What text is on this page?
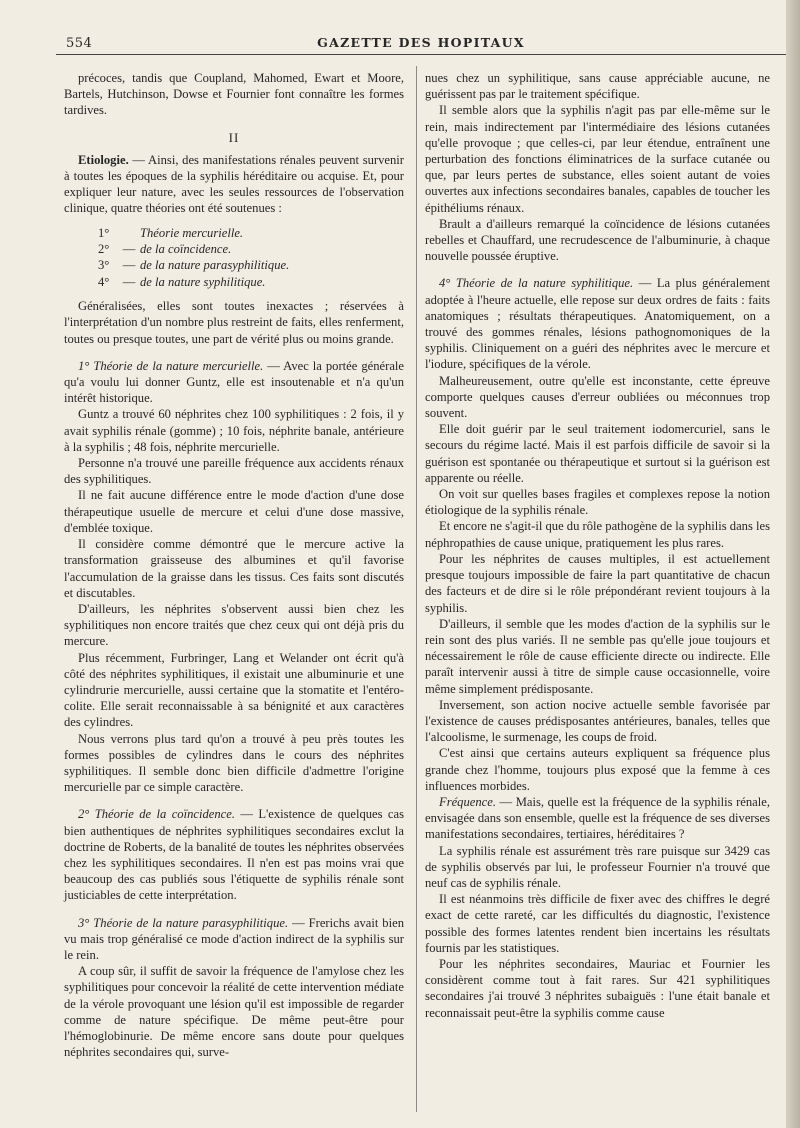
554	GAZETTE DES HOPITAUX

précoces, tandis que Coupland, Mahomed, Ewart et Moore, Bartels, Hutchinson, Dowse et Fournier font connaître les formes tardives.

II

Etiologie. — Ainsi, des manifestations rénales peuvent survenir à toutes les époques de la syphilis héréditaire ou acquise. Et, pour expliquer leur nature, avec les seules ressources de l'observation clinique, quatre théories ont été soutenues :

1° Théorie mercurielle.
2° — de la coïncidence.
3° — de la nature parasyphilitique.
4° — de la nature syphilitique.

Généralisées, elles sont toutes inexactes ; réservées à l'interprétation d'un nombre plus restreint de faits, elles renferment, toutes ou presque toutes, une part de vérité plus ou moins grande.

1° Théorie de la nature mercurielle. — Avec la portée générale qu'a voulu lui donner Guntz, elle est insoutenable et n'a qu'un intérêt historique.

Guntz a trouvé 60 néphrites chez 100 syphilitiques : 2 fois, il y avait syphilis rénale (gomme) ; 10 fois, néphrite banale, antérieure à la syphilis ; 48 fois, néphrite mercurielle.

Personne n'a trouvé une pareille fréquence aux accidents rénaux des syphilitiques.

Il ne fait aucune différence entre le mode d'action d'une dose thérapeutique usuelle de mercure et celui d'une dose massive, d'emblée toxique.

Il considère comme démontré que le mercure active la transformation graisseuse des albumines et qu'il favorise l'accumulation de la graisse dans les tissus. Ces faits sont discutés et discutables.

D'ailleurs, les néphrites s'observent aussi bien chez les syphilitiques non encore traités que chez ceux qui ont déjà pris du mercure.

Plus récemment, Furbringer, Lang et Welander ont écrit qu'à côté des néphrites syphilitiques, il existait une albuminurie et une cylindrurie mercurielle, aussi certaine que la stomatite et l'entéro-colite. Elle serait reconnaissable à sa bénignité et aux caractères des cylindres.

Nous verrons plus tard qu'on a trouvé à peu près toutes les formes possibles de cylindres dans le cours des néphrites syphilitiques. Il semble donc bien difficile d'admettre l'origine mercurielle par ce simple caractère.

2° Théorie de la coïncidence. — L'existence de quelques cas bien authentiques de néphrites syphilitiques secondaires exclut la doctrine de Roberts, de la banalité de toutes les néphrites observées chez les syphilitiques secondaires. Il n'en est pas moins vrai que beaucoup des cas publiés sous l'étiquette de syphilis rénale sont justiciables de cette interprétation.

3° Théorie de la nature parasyphilitique. — Frerichs avait bien vu mais trop généralisé ce mode d'action indirect de la syphilis sur le rein.

A coup sûr, il suffit de savoir la fréquence de l'amylose chez les syphilitiques pour concevoir la réalité de cette intervention médiate de la vérole provoquant une lésion qu'il est impossible de regarder comme de nature spécifique. De même peut-être pour l'hémoglobinurie. De même encore sans doute pour quelques néphrites secondaires qui, surve-

nues chez un syphilitique, sans cause appréciable aucune, ne guérissent pas par le traitement spécifique.

Il semble alors que la syphilis n'agit pas par elle-même sur le rein, mais indirectement par l'intermédiaire des lésions cutanées qu'elle provoque ; que celles-ci, par leur étendue, entraînent une perturbation des fonctions éliminatrices de la surface cutanée ou que, par leurs pertes de substance, elles soient autant de voies ouvertes aux infections secondaires banales, capables de toucher les épithéliums rénaux.

Brault a d'ailleurs remarqué la coïncidence de lésions cutanées rebelles et Chauffard, une recrudescence de l'albuminurie, à chaque nouvelle poussée éruptive.

4° Théorie de la nature syphilitique. — La plus généralement adoptée à l'heure actuelle, elle repose sur deux ordres de faits : faits anatomiques ; résultats thérapeutiques. Anatomiquement, on a trouvé des gommes rénales, lésions pathognomoniques de la syphilis. Cliniquement on a guéri des néphrites avec le mercure et l'iodure, spécifiques de la vérole.

Malheureusement, outre qu'elle est inconstante, cette épreuve comporte quelques causes d'erreur oubliées ou méconnues trop souvent.

Elle doit guérir par le seul traitement iodomercuriel, sans le secours du régime lacté. Mais il est parfois difficile de savoir si la guérison est spontanée ou thérapeutique et surtout si la guérison est apparente ou réelle.

On voit sur quelles bases fragiles et complexes repose la notion étiologique de la syphilis rénale.

Et encore ne s'agit-il que du rôle pathogène de la syphilis dans les néphropathies de cause unique, pratiquement les plus rares.

Pour les néphrites de causes multiples, il est actuellement presque toujours impossible de faire la part quantitative de chacun des facteurs et de dire si le rôle prépondérant revient toujours à la syphilis.

D'ailleurs, il semble que les modes d'action de la syphilis sur le rein sont des plus variés. Il ne semble pas qu'elle joue toujours et nécessairement le rôle de cause efficiente directe ou indirecte. Elle paraît intervenir aussi à titre de simple cause occasionnelle, voire même simplement prédisposante.

Inversement, son action nocive actuelle semble favorisée par l'existence de causes prédisposantes antérieures, banales, telles que l'alcoolisme, le surmenage, les coups de froid.

C'est ainsi que certains auteurs expliquent sa fréquence plus grande chez l'homme, toujours plus exposé que la femme à ces influences morbides.

Fréquence. — Mais, quelle est la fréquence de la syphilis rénale, envisagée dans son ensemble, quelle est la fréquence de ses diverses manifestations secondaires, tertiaires, héréditaires ?

La syphilis rénale est assurément très rare puisque sur 3429 cas de syphilis observés par lui, le professeur Fournier n'a trouvé que neuf cas de syphilis rénale.

Il est néanmoins très difficile de fixer avec des chiffres le degré exact de cette rareté, car les difficultés du diagnostic, l'existence possible des formes latentes rendent bien incertains les résultats fournis par les statistiques.

Pour les néphrites secondaires, Mauriac et Fournier les considèrent comme tout à fait rares. Sur 421 syphilitiques secondaires j'ai trouvé 3 néphrites subaiguës : l'une était banale et reconnaissait peut-être la syphilis comme cause
